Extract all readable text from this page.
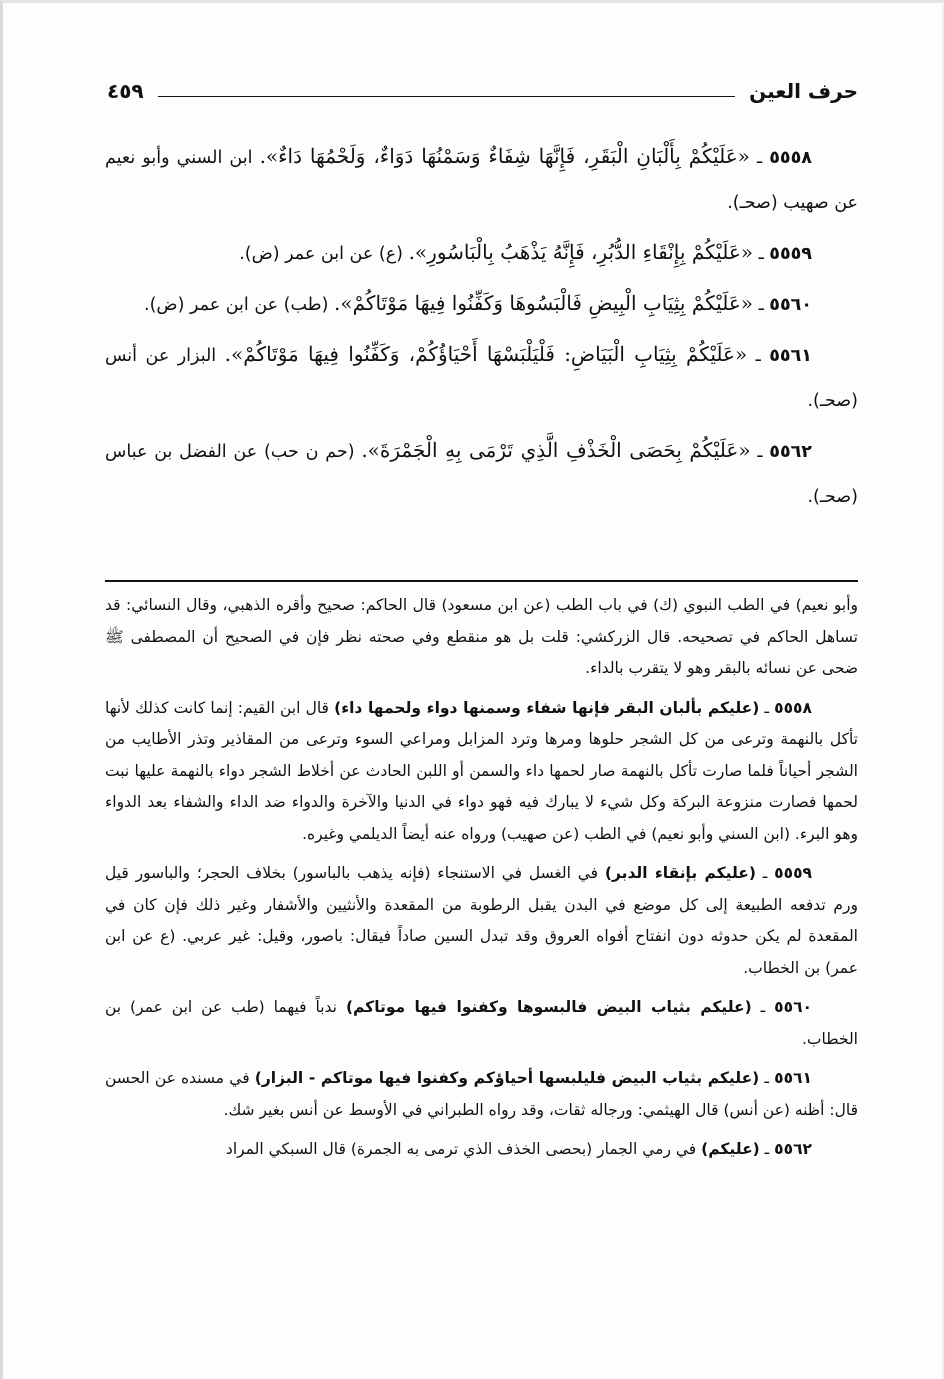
حرف العين
٤٥٩

٥٥٥٨ ـ «عَلَيْكُمْ بِأَلْبَانِ الْبَقَرِ، فَإِنَّهَا شِفَاءٌ وَسَمْنُهَا دَوَاءٌ، وَلَحْمُهَا دَاءٌ». ابن السني وأبو نعيم عن صهيب (صحـ).

٥٥٥٩ ـ «عَلَيْكُمْ بِإِنْقَاءِ الدُّبُرِ، فَإِنَّهُ يَذْهَبُ بِالْبَاسُورِ». (ع) عن ابن عمر (ض).

٥٥٦٠ ـ «عَلَيْكُمْ بِثِيَابِ الْبِيضِ فَالْبَسُوهَا وَكَفِّنُوا فِيهَا مَوْتَاكُمْ». (طب) عن ابن عمر (ض).

٥٥٦١ ـ «عَلَيْكُمْ بِثِيَابِ الْبَيَاضِ: فَلْيَلْبَسْهَا أَحْيَاؤُكُمْ، وَكَفِّنُوا فِيهَا مَوْتَاكُمْ». البزار عن أنس (صحـ).

٥٥٦٢ ـ «عَلَيْكُمْ بِحَصَى الْخَذْفِ الَّذِي تَرْمَى بِهِ الْجَمْرَةَ». (حم ن حب) عن الفضل بن عباس (صحـ).

وأبو نعيم) في الطب النبوي (ك) في باب الطب (عن ابن مسعود) قال الحاكم: صحيح وأقره الذهبي، وقال النسائي: قد تساهل الحاكم في تصحيحه. قال الزركشي: قلت بل هو منقطع وفي صحته نظر فإن في الصحيح أن المصطفى ﷺ ضحى عن نسائه بالبقر وهو لا يتقرب بالداء.

٥٥٥٨ ـ (عليكم بألبان البقر فإنها شفاء وسمنها دواء ولحمها داء) قال ابن القيم: إنما كانت كذلك لأنها تأكل بالنهمة وترعى من كل الشجر حلوها ومرها وترد المزابل ومراعي السوء وترعى من المقاذير وتذر الأطايب من الشجر أحياناً فلما صارت تأكل بالنهمة صار لحمها داء والسمن أو اللبن الحادث عن أخلاط الشجر دواء بالنهمة عليها نبت لحمها فصارت منزوعة البركة وكل شيء لا يبارك فيه فهو دواء في الدنيا والآخرة والدواء ضد الداء والشفاء بعد الدواء وهو البرء. (ابن السني وأبو نعيم) في الطب (عن صهيب) ورواه عنه أيضاً الديلمي وغيره.

٥٥٥٩ ـ (عليكم بإنقاء الدبر) في الغسل في الاستنجاء (فإنه يذهب بالباسور) بخلاف الحجر؛ والباسور قيل ورم تدفعه الطبيعة إلى كل موضع في البدن يقبل الرطوبة من المقعدة والأنثيين والأشفار وغير ذلك فإن كان في المقعدة لم يكن حدوثه دون انفتاح أفواه العروق وقد تبدل السين صاداً فيقال: باصور، وقيل: غير عربي. (ع عن ابن عمر) بن الخطاب.

٥٥٦٠ ـ (عليكم بثياب البيض فالبسوها وكفنوا فيها موتاكم) ندباً فيهما (طب عن ابن عمر) بن الخطاب.

٥٥٦١ ـ (عليكم بثياب البيض فليلبسها أحياؤكم وكفنوا فيها موتاكم - البزار) في مسنده عن الحسن قال: أظنه (عن أنس) قال الهيثمي: ورجاله ثقات، وقد رواه الطبراني في الأوسط عن أنس بغير شك.

٥٥٦٢ ـ (عليكم) في رمي الجمار (بحصى الخذف الذي ترمى به الجمرة) قال السبكي المراد
